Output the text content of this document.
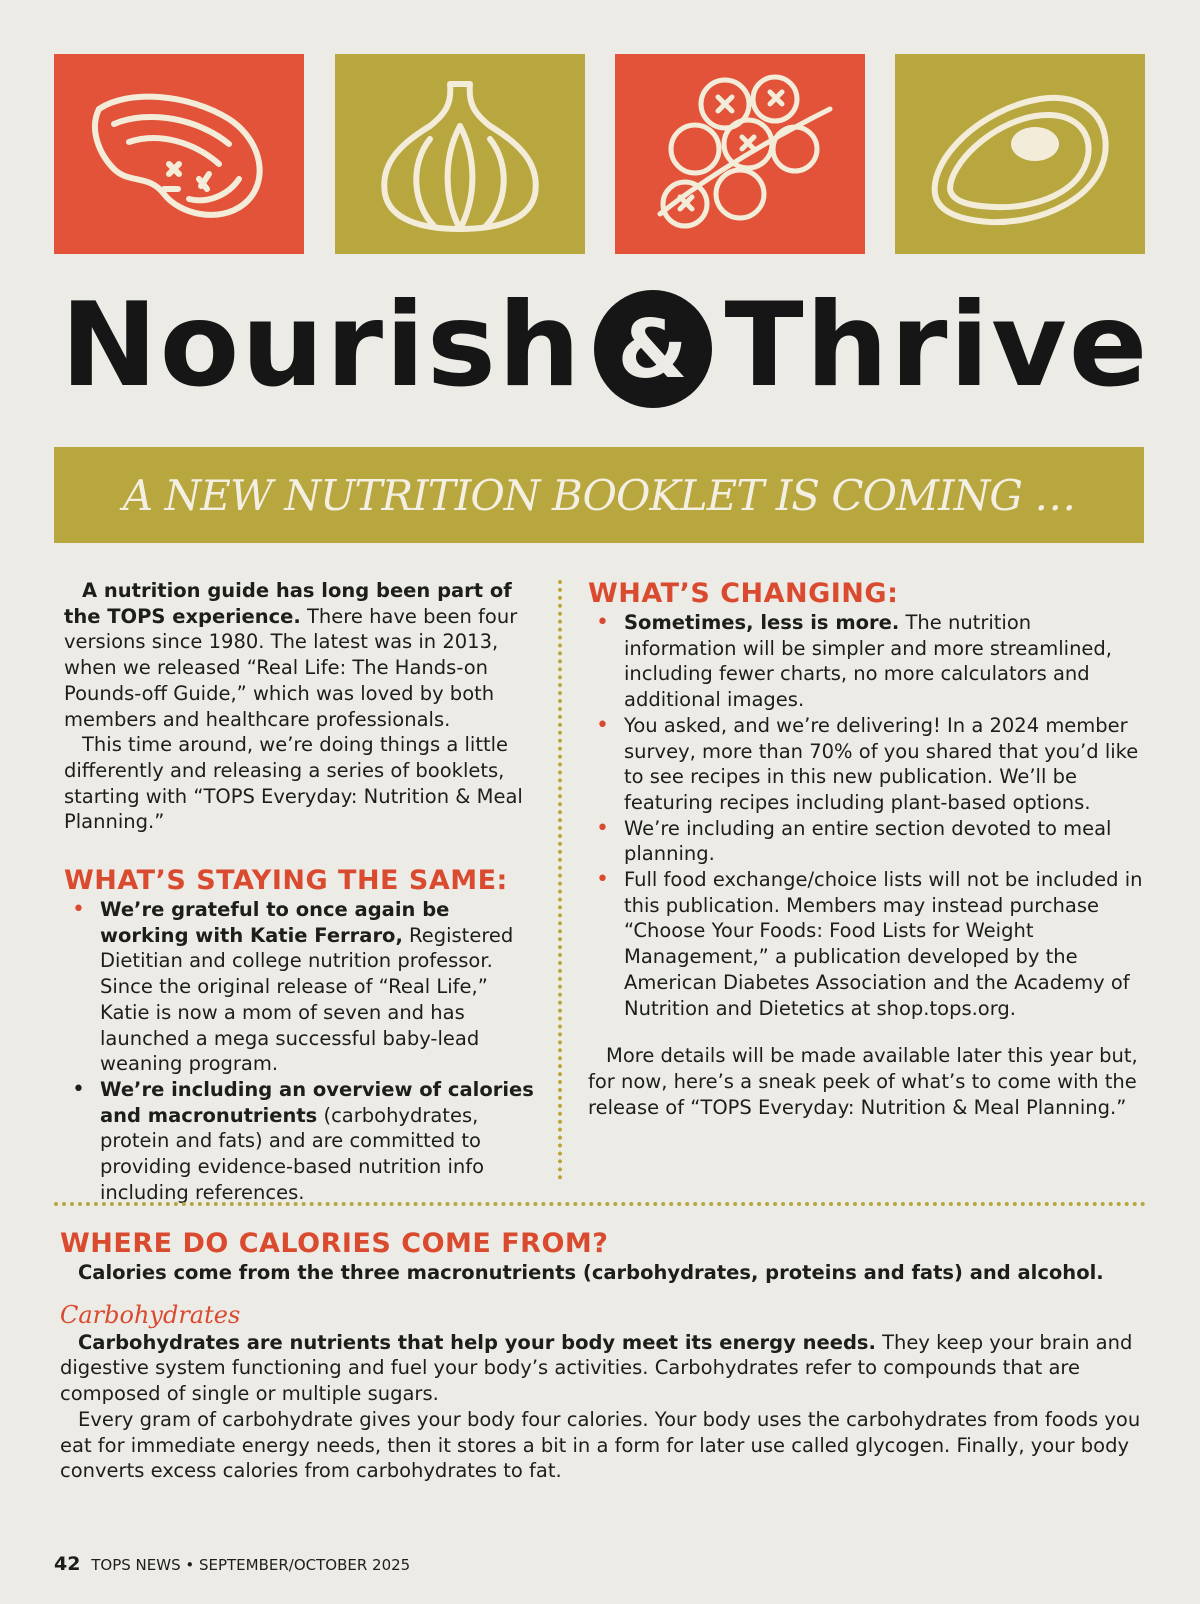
Nourish & Thrive
A NEW NUTRITION BOOKLET IS COMING …

A nutrition guide has long been part of the TOPS experience. There have been four versions since 1980. The latest was in 2013, when we released “Real Life: The Hands-on Pounds-off Guide,” which was loved by both members and healthcare professionals.

This time around, we’re doing things a little differently and releasing a series of booklets, starting with “TOPS Everyday: Nutrition & Meal Planning.”

WHAT’S STAYING THE SAME:
• We’re grateful to once again be working with Katie Ferraro, Registered Dietitian and college nutrition professor. Since the original release of “Real Life,” Katie is now a mom of seven and has launched a mega successful baby-lead weaning program.
• We’re including an overview of calories and macronutrients (carbohydrates, protein and fats) and are committed to providing evidence-based nutrition info including references.
WHAT’S CHANGING:
• Sometimes, less is more. The nutrition information will be simpler and more streamlined, including fewer charts, no more calculators and additional images.
• You asked, and we’re delivering! In a 2024 member survey, more than 70% of you shared that you’d like to see recipes in this new publication. We’ll be featuring recipes including plant-based options.
• We’re including an entire section devoted to meal planning.
• Full food exchange/choice lists will not be included in this publication. Members may instead purchase “Choose Your Foods: Food Lists for Weight Management,” a publication developed by the American Diabetes Association and the Academy of Nutrition and Dietetics at shop.tops.org.

More details will be made available later this year but, for now, here’s a sneak peek of what’s to come with the release of “TOPS Everyday: Nutrition & Meal Planning.”

WHERE DO CALORIES COME FROM?

Calories come from the three macronutrients (carbohydrates, proteins and fats) and alcohol.

Carbohydrates

Carbohydrates are nutrients that help your body meet its energy needs. They keep your brain and digestive system functioning and fuel your body’s activities. Carbohydrates refer to compounds that are composed of single or multiple sugars.

Every gram of carbohydrate gives your body four calories. Your body uses the carbohydrates from foods you eat for immediate energy needs, then it stores a bit in a form for later use called glycogen. Finally, your body converts excess calories from carbohydrates to fat.

42 TOPS NEWS • SEPTEMBER/OCTOBER 2025
